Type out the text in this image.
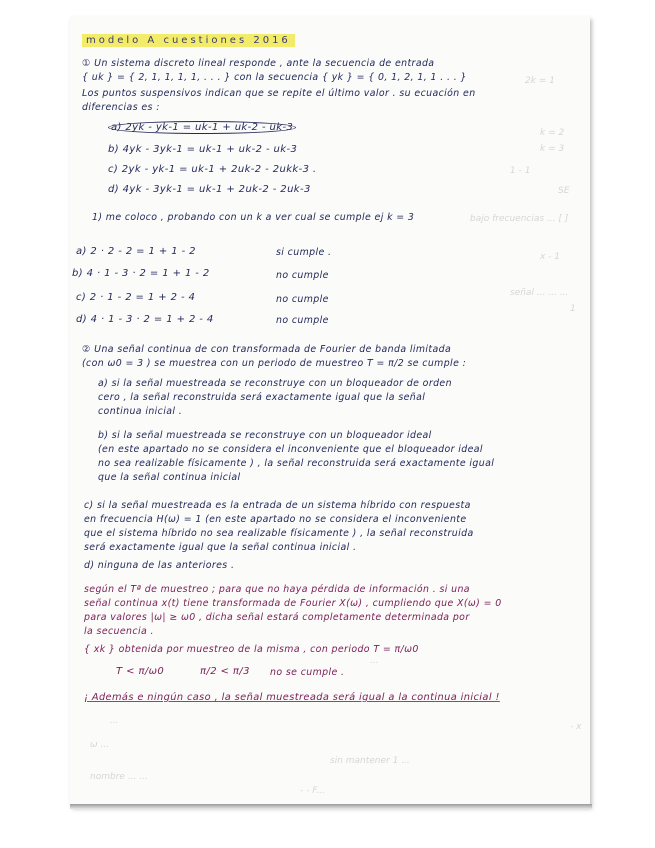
modelo A cuestiones 2016
2k = 1
k = 2
k = 3
1 - 1
SE
bajo frecuencias ... [ ]
x - 1
señal ... ... ...
1
...
...
- x
ω ...
sin mantener 1 ...
nombre ... ...
- - F...
① Un sistema discreto lineal responde , ante la secuencia de entrada
{ uk } = { 2, 1, 1, 1, 1, . . . } con la secuencia { yk } = { 0, 1, 2, 1, 1 . . . }
Los puntos suspensivos indican que se repite el último valor . su ecuación en
diferencias es :
a) 2yk - yk-1 = uk-1 + uk-2 - uk-3
b) 4yk - 3yk-1 = uk-1 + uk-2 - uk-3
c) 2yk - yk-1 = uk-1 + 2uk-2 - 2ukk-3 .
d) 4yk - 3yk-1 = uk-1 + 2uk-2 - 2uk-3
1) me coloco , probando con un k a ver cual se cumple ej k = 3
a) 2 · 2 - 2 = 1 + 1 - 2	si cumple .
b) 4 · 1 - 3 · 2 = 1 + 1 - 2	no cumple
c) 2 · 1 - 2 = 1 + 2 - 4	no cumple
d) 4 · 1 - 3 · 2 = 1 + 2 - 4	no cumple
② Una señal continua de con transformada de Fourier de banda limitada
(con ω0 = 3 ) se muestrea con un periodo de muestreo T = π/2 se cumple :
a) si la señal muestreada se reconstruye con un bloqueador de orden
cero , la señal reconstruida será exactamente igual que la señal
continua inicial .
b) si la señal muestreada se reconstruye con un bloqueador ideal
(en este apartado no se considera el inconveniente que el bloqueador ideal
no sea realizable físicamente ) , la señal reconstruida será exactamente igual
que la señal continua inicial
c) si la señal muestreada es la entrada de un sistema híbrido con respuesta
en frecuencia H(ω) = 1 (en este apartado no se considera el inconveniente
que el sistema híbrido no sea realizable físicamente ) , la señal reconstruida
será exactamente igual que la señal continua inicial .
d) ninguna de las anteriores .
según el Tª de muestreo ; para que no haya pérdida de información . si una
señal continua x(t) tiene transformada de Fourier X(ω) , cumpliendo que X(ω) = 0
para valores |ω| ≥ ω0 , dicha señal estará completamente determinada por
la secuencia .
{ xk } obtenida por muestreo de la misma , con periodo T = π/ω0
T < π/ω0	π/2 < π/3 no se cumple .
¡ Además e ningún caso , la señal muestreada será igual a la continua inicial !
